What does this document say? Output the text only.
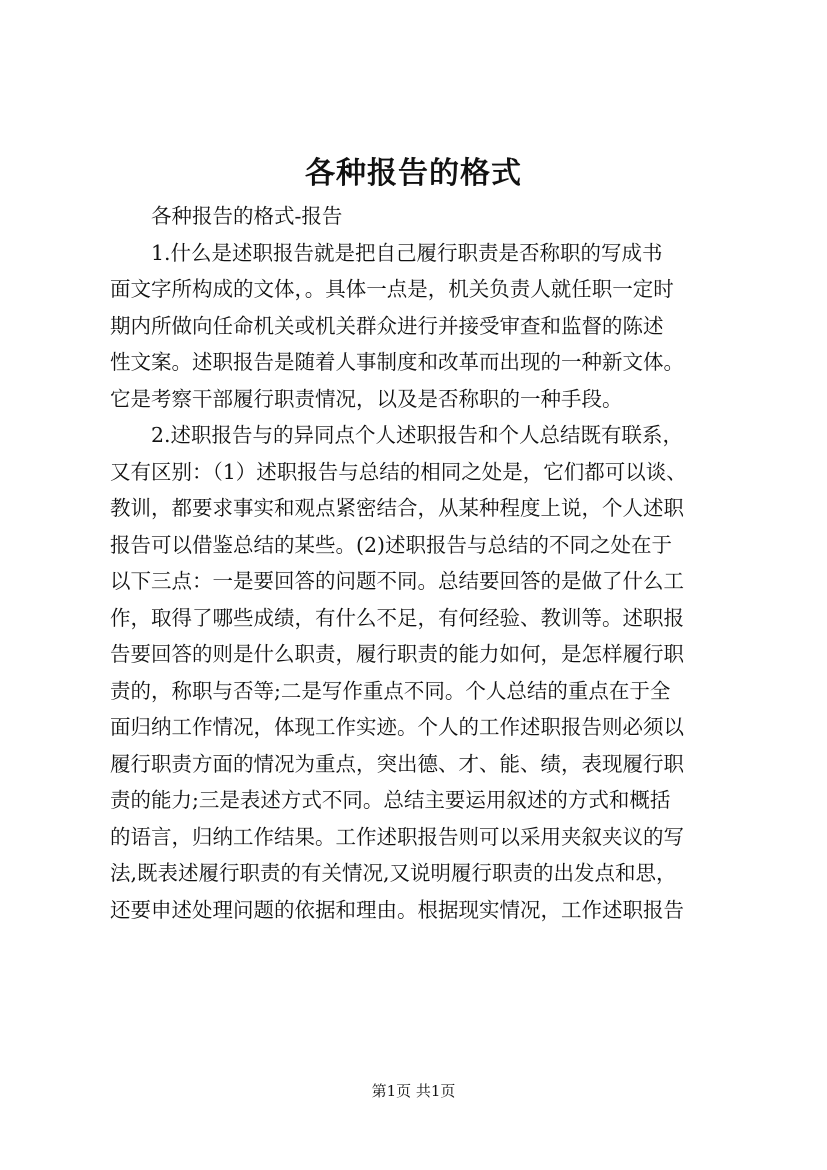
各种报告的格式
各种报告的格式-报告
1.什么是述职报告就是把自己履行职责是否称职的写成书
面文字所构成的文体，。具体一点是，机关负责人就任职一定时
期内所做向任命机关或机关群众进行并接受审查和监督的陈述
性文案。述职报告是随着人事制度和改革而出现的一种新文体。
它是考察干部履行职责情况，以及是否称职的一种手段。
2.述职报告与的异同点个人述职报告和个人总结既有联系，
又有区别：（1）述职报告与总结的相同之处是，它们都可以谈、
教训，都要求事实和观点紧密结合，从某种程度上说，个人述职
报告可以借鉴总结的某些。(2)述职报告与总结的不同之处在于
以下三点：一是要回答的问题不同。总结要回答的是做了什么工
作，取得了哪些成绩，有什么不足，有何经验、教训等。述职报
告要回答的则是什么职责，履行职责的能力如何，是怎样履行职
责的，称职与否等;二是写作重点不同。个人总结的重点在于全
面归纳工作情况，体现工作实迹。个人的工作述职报告则必须以
履行职责方面的情况为重点，突出德、才、能、绩，表现履行职
责的能力;三是表述方式不同。总结主要运用叙述的方式和概括
的语言，归纳工作结果。工作述职报告则可以采用夹叙夹议的写
法,既表述履行职责的有关情况,又说明履行职责的出发点和思，
还要申述处理问题的依据和理由。根据现实情况，工作述职报告
第1页 共1页
